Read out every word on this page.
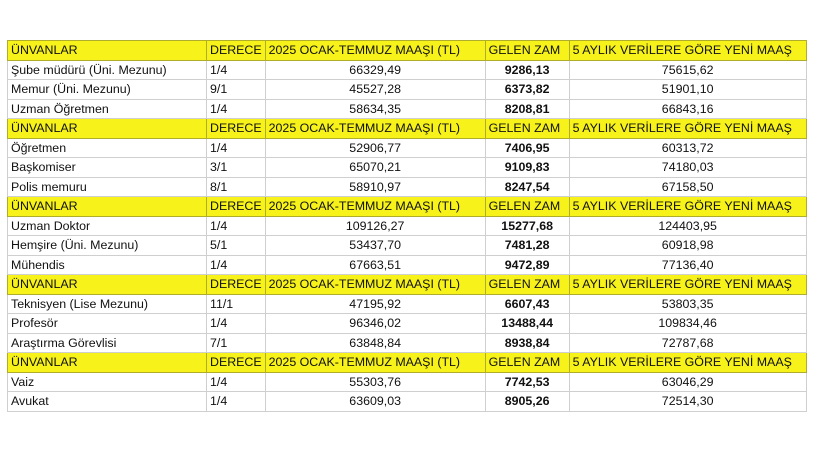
ÜNVANLAR	DERECE	2025 OCAK-TEMMUZ MAAŞI (TL)	GELEN ZAM	5 AYLIK VERİLERE GÖRE YENİ MAAŞ
Şube müdürü (Üni. Mezunu)	1/4	66329,49	9286,13	75615,62
Memur (Üni. Mezunu)	9/1	45527,28	6373,82	51901,10
Uzman Öğretmen	1/4	58634,35	8208,81	66843,16
ÜNVANLAR	DERECE	2025 OCAK-TEMMUZ MAAŞI (TL)	GELEN ZAM	5 AYLIK VERİLERE GÖRE YENİ MAAŞ
Öğretmen	1/4	52906,77	7406,95	60313,72
Başkomiser	3/1	65070,21	9109,83	74180,03
Polis memuru	8/1	58910,97	8247,54	67158,50
ÜNVANLAR	DERECE	2025 OCAK-TEMMUZ MAAŞI (TL)	GELEN ZAM	5 AYLIK VERİLERE GÖRE YENİ MAAŞ
Uzman Doktor	1/4	109126,27	15277,68	124403,95
Hemşire (Üni. Mezunu)	5/1	53437,70	7481,28	60918,98
Mühendis	1/4	67663,51	9472,89	77136,40
ÜNVANLAR	DERECE	2025 OCAK-TEMMUZ MAAŞI (TL)	GELEN ZAM	5 AYLIK VERİLERE GÖRE YENİ MAAŞ
Teknisyen (Lise Mezunu)	11/1	47195,92	6607,43	53803,35
Profesör	1/4	96346,02	13488,44	109834,46
Araştırma Görevlisi	7/1	63848,84	8938,84	72787,68
ÜNVANLAR	DERECE	2025 OCAK-TEMMUZ MAAŞI (TL)	GELEN ZAM	5 AYLIK VERİLERE GÖRE YENİ MAAŞ
Vaiz	1/4	55303,76	7742,53	63046,29
Avukat	1/4	63609,03	8905,26	72514,30
